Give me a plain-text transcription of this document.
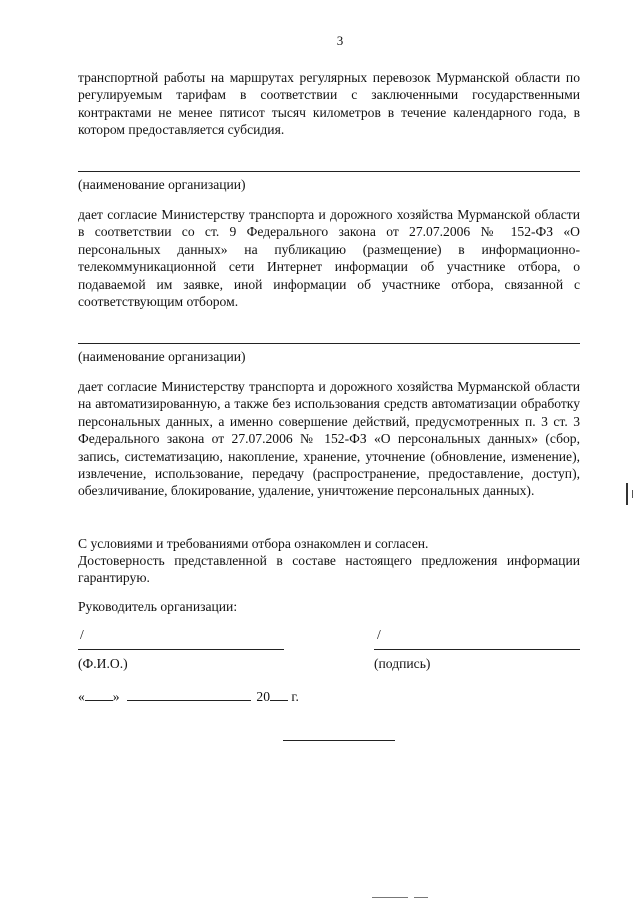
3

транспортной работы на маршрутах регулярных перевозок Мурманской области по регулируемым тарифам в соответствии с заключенными государственными контрактами не менее пятисот тысяч километров в течение календарного года, в котором предоставляется субсидия.

(наименование организации)

дает согласие Министерству транспорта и дорожного хозяйства Мурманской области в соответствии со ст. 9 Федерального закона от 27.07.2006 № 152-ФЗ «О персональных данных» на публикацию (размещение) в информационно-телекоммуникационной сети Интернет информации об участнике отбора, о подаваемой им заявке, иной информации об участнике отбора, связанной с соответствующим отбором.

(наименование организации)

дает согласие Министерству транспорта и дорожного хозяйства Мурманской области на автоматизированную, а также без использования средств автоматизации обработку персональных данных, а именно совершение действий, предусмотренных п. 3 ст. 3 Федерального закона от 27.07.2006 № 152-ФЗ «О персональных данных» (сбор, запись, систематизацию, накопление, хранение, уточнение (обновление, изменение), извлечение, использование, передачу (распространение, предоставление, доступ), обезличивание, блокирование, удаление, уничтожение персональных данных).

С условиями и требованиями отбора ознакомлен и согласен.

Достоверность представленной в составе настоящего предложения информации гарантирую.

Руководитель организации:
/	/
(Ф.И.О.)	(подпись)
« »	20 г.
